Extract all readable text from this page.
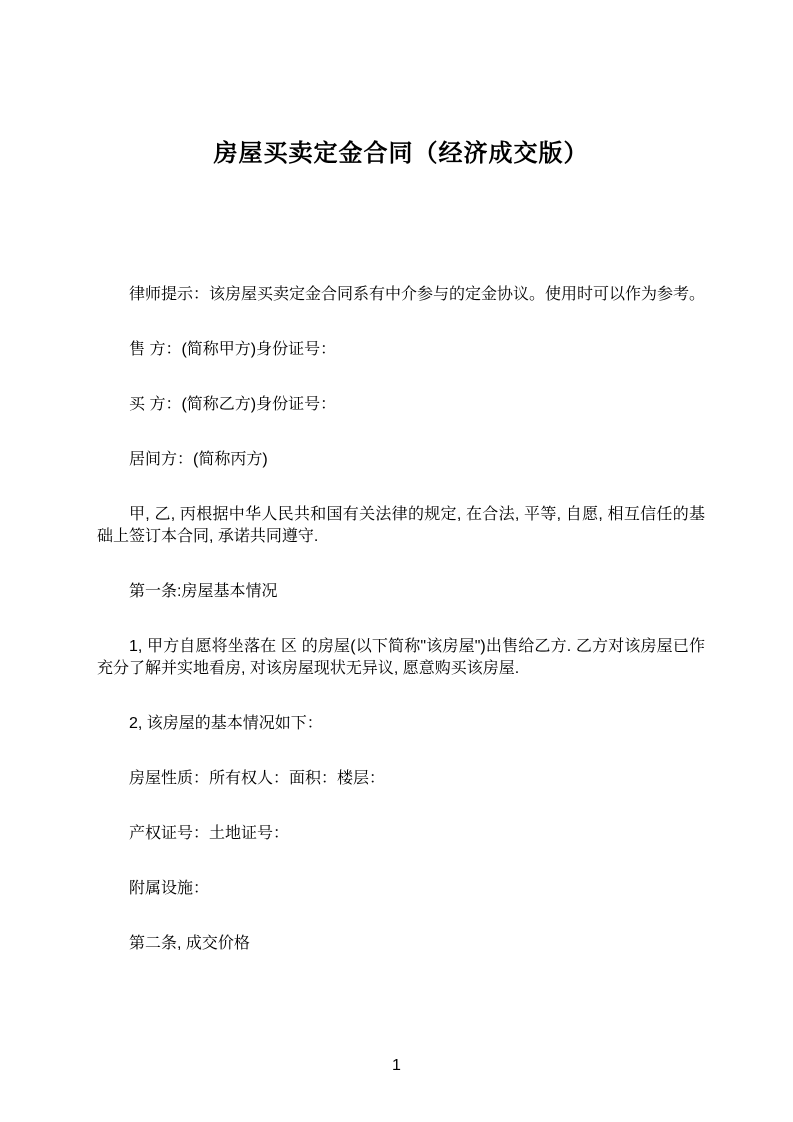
房屋买卖定金合同（经济成交版）

律师提示：该房屋买卖定金合同系有中介参与的定金协议。使用时可以作为参考。

售 方：(简称甲方)身份证号：

买 方：(简称乙方)身份证号：

居间方：(简称丙方)

甲, 乙, 丙根据中华人民共和国有关法律的规定, 在合法, 平等, 自愿, 相互信任的基础上签订本合同, 承诺共同遵守.

第一条:房屋基本情况

1, 甲方自愿将坐落在 区 的房屋(以下简称"该房屋")出售给乙方. 乙方对该房屋已作充分了解并实地看房, 对该房屋现状无异议, 愿意购买该房屋.

2, 该房屋的基本情况如下：

房屋性质：所有权人：面积：楼层：

产权证号：土地证号：

附属设施：

第二条, 成交价格

1
